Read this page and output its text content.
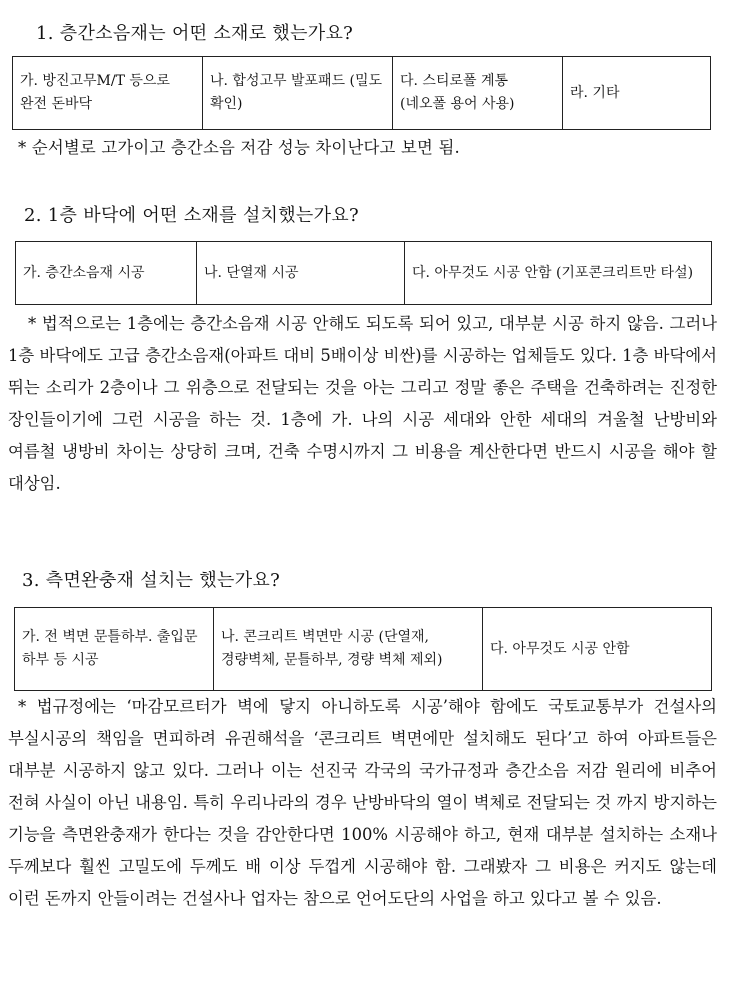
1. 층간소음재는 어떤 소재로 했는가요?
가. 방진고무M/T 등으로 완전 돈바닥	나. 합성고무 발포패드 (밀도 확인)	다. 스티로폴 계통 (네오폴 용어 사용)	라. 기타
* 순서별로 고가이고 층간소음 저감 성능 차이난다고 보면 됨.
2. 1층 바닥에 어떤 소재를 설치했는가요?
가. 층간소음재 시공	나. 단열재 시공	다. 아무것도 시공 안함 (기포콘크리트만 타설)
* 법적으로는 1층에는 층간소음재 시공 안해도 되도록 되어 있고, 대부분 시공 하지 않음. 그러나 1층 바닥에도 고급 층간소음재(아파트 대비 5배이상 비싼)를 시공하는 업체들도 있다. 1층 바닥에서 뛰는 소리가 2층이나 그 위층으로 전달되는 것을 아는 그리고 정말 좋은 주택을 건축하려는 진정한 장인들이기에 그런 시공을 하는 것. 1층에 가. 나의 시공 세대와 안한 세대의 겨울철 난방비와 여름철 냉방비 차이는 상당히 크며, 건축 수명시까지 그 비용을 계산한다면 반드시 시공을 해야 할 대상임.
3. 측면완충재 설치는 했는가요?
가. 전 벽면 문틀하부. 출입문 하부 등 시공	나. 콘크리트 벽면만 시공 (단열재, 경량벽체, 문틀하부, 경량 벽체 제외)	다. 아무것도 시공 안함
* 법규정에는 ‘마감모르터가 벽에 닿지 아니하도록 시공’해야 함에도 국토교통부가 건설사의 부실시공의 책임을 면피하려 유권해석을 ‘콘크리트 벽면에만 설치해도 된다’고 하여 아파트들은 대부분 시공하지 않고 있다. 그러나 이는 선진국 각국의 국가규정과 층간소음 저감 원리에 비추어 전혀 사실이 아닌 내용임. 특히 우리나라의 경우 난방바닥의 열이 벽체로 전달되는 것 까지 방지하는 기능을 측면완충재가 한다는 것을 감안한다면 100% 시공해야 하고, 현재 대부분 설치하는 소재나 두께보다 훨씬 고밀도에 두께도 배 이상 두껍게 시공해야 함. 그래봤자 그 비용은 커지도 않는데 이런 돈까지 안들이려는 건설사나 업자는 참으로 언어도단의 사업을 하고 있다고 볼 수 있음.
